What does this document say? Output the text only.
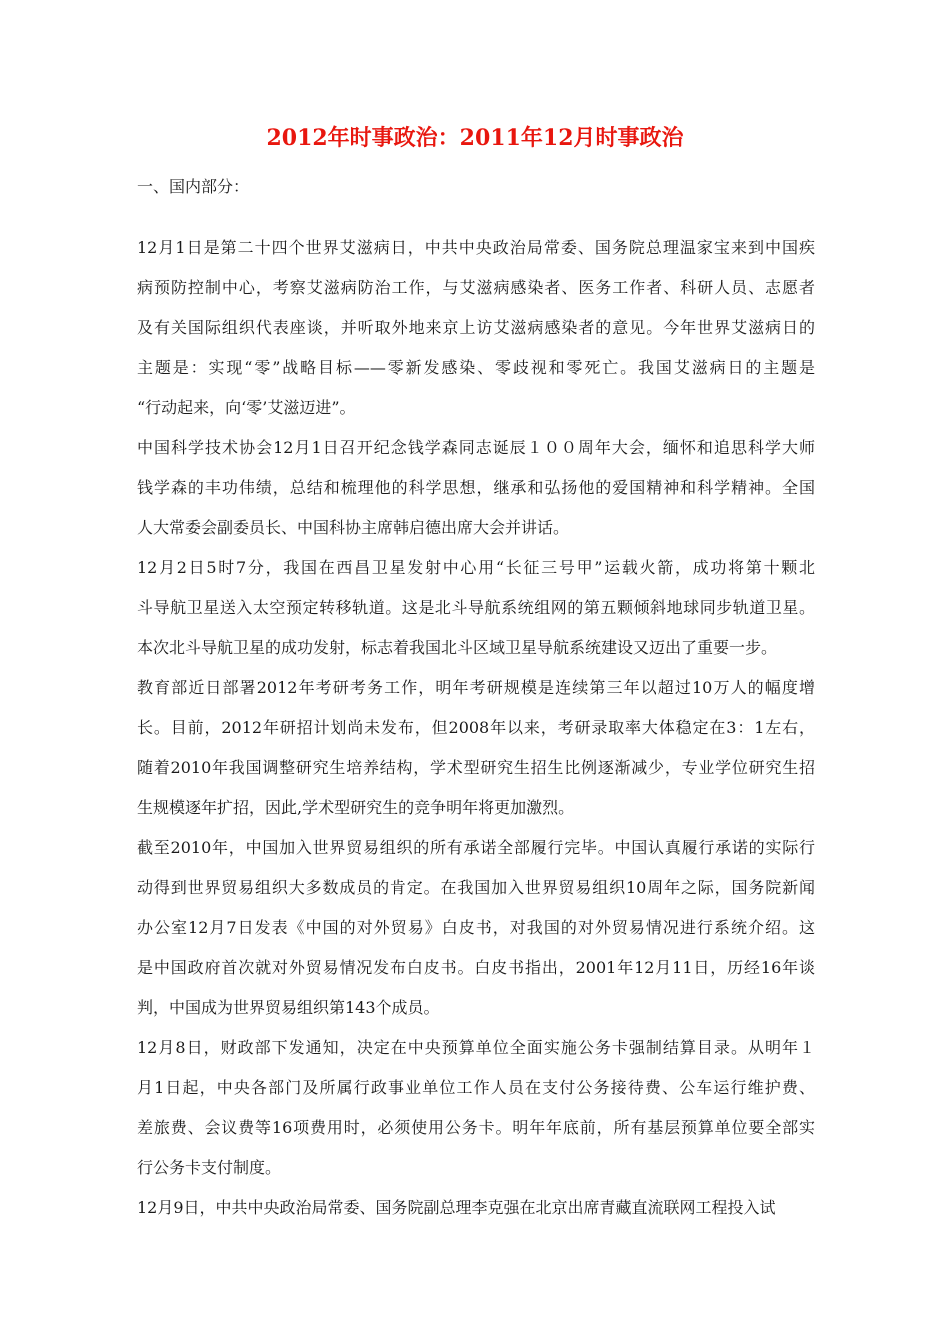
2012年时事政治：2011年12月时事政治
一、国内部分：
12月1日是第二十四个世界艾滋病日，中共中央政治局常委、国务院总理温家宝来到中国疾
病预防控制中心，考察艾滋病防治工作，与艾滋病感染者、医务工作者、科研人员、志愿者
及有关国际组织代表座谈，并听取外地来京上访艾滋病感染者的意见。今年世界艾滋病日的
主题是：实现“零”战略目标——零新发感染、零歧视和零死亡。我国艾滋病日的主题是
“行动起来，向‘零’艾滋迈进”。
中国科学技术协会12月1日召开纪念钱学森同志诞辰１００周年大会，缅怀和追思科学大师
钱学森的丰功伟绩，总结和梳理他的科学思想，继承和弘扬他的爱国精神和科学精神。全国
人大常委会副委员长、中国科协主席韩启德出席大会并讲话。
12月2日5时7分，我国在西昌卫星发射中心用“长征三号甲”运载火箭，成功将第十颗北
斗导航卫星送入太空预定转移轨道。这是北斗导航系统组网的第五颗倾斜地球同步轨道卫星。
本次北斗导航卫星的成功发射，标志着我国北斗区域卫星导航系统建设又迈出了重要一步。
教育部近日部署2012年考研考务工作，明年考研规模是连续第三年以超过10万人的幅度增
长。目前，2012年研招计划尚未发布，但2008年以来，考研录取率大体稳定在3：1左右，
随着2010年我国调整研究生培养结构，学术型研究生招生比例逐渐减少，专业学位研究生招
生规模逐年扩招，因此,学术型研究生的竞争明年将更加激烈。
截至2010年，中国加入世界贸易组织的所有承诺全部履行完毕。中国认真履行承诺的实际行
动得到世界贸易组织大多数成员的肯定。在我国加入世界贸易组织10周年之际，国务院新闻
办公室12月7日发表《中国的对外贸易》白皮书，对我国的对外贸易情况进行系统介绍。这
是中国政府首次就对外贸易情况发布白皮书。白皮书指出，2001年12月11日，历经16年谈
判，中国成为世界贸易组织第143个成员。
12月8日，财政部下发通知，决定在中央预算单位全面实施公务卡强制结算目录。从明年１
月1日起，中央各部门及所属行政事业单位工作人员在支付公务接待费、公车运行维护费、
差旅费、会议费等16项费用时，必须使用公务卡。明年年底前，所有基层预算单位要全部实
行公务卡支付制度。
12月9日，中共中央政治局常委、国务院副总理李克强在北京出席青藏直流联网工程投入试
